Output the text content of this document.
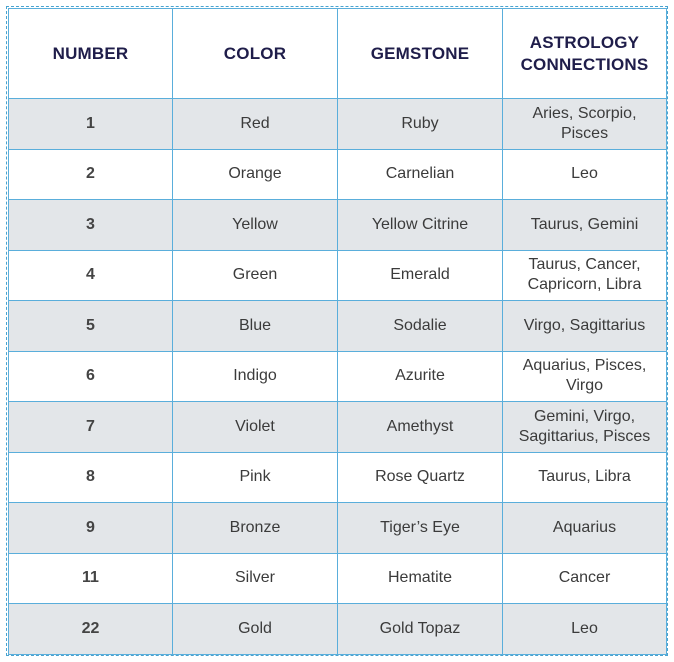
NUMBER	COLOR	GEMSTONE	ASTROLOGY CONNECTIONS
1	Red	Ruby	Aries, Scorpio, Pisces
2	Orange	Carnelian	Leo
3	Yellow	Yellow Citrine	Taurus, Gemini
4	Green	Emerald	Taurus, Cancer, Capricorn, Libra
5	Blue	Sodalie	Virgo, Sagittarius
6	Indigo	Azurite	Aquarius, Pisces, Virgo
7	Violet	Amethyst	Gemini, Virgo, Sagittarius, Pisces
8	Pink	Rose Quartz	Taurus, Libra
9	Bronze	Tiger’s Eye	Aquarius
11	Silver	Hematite	Cancer
22	Gold	Gold Topaz	Leo
